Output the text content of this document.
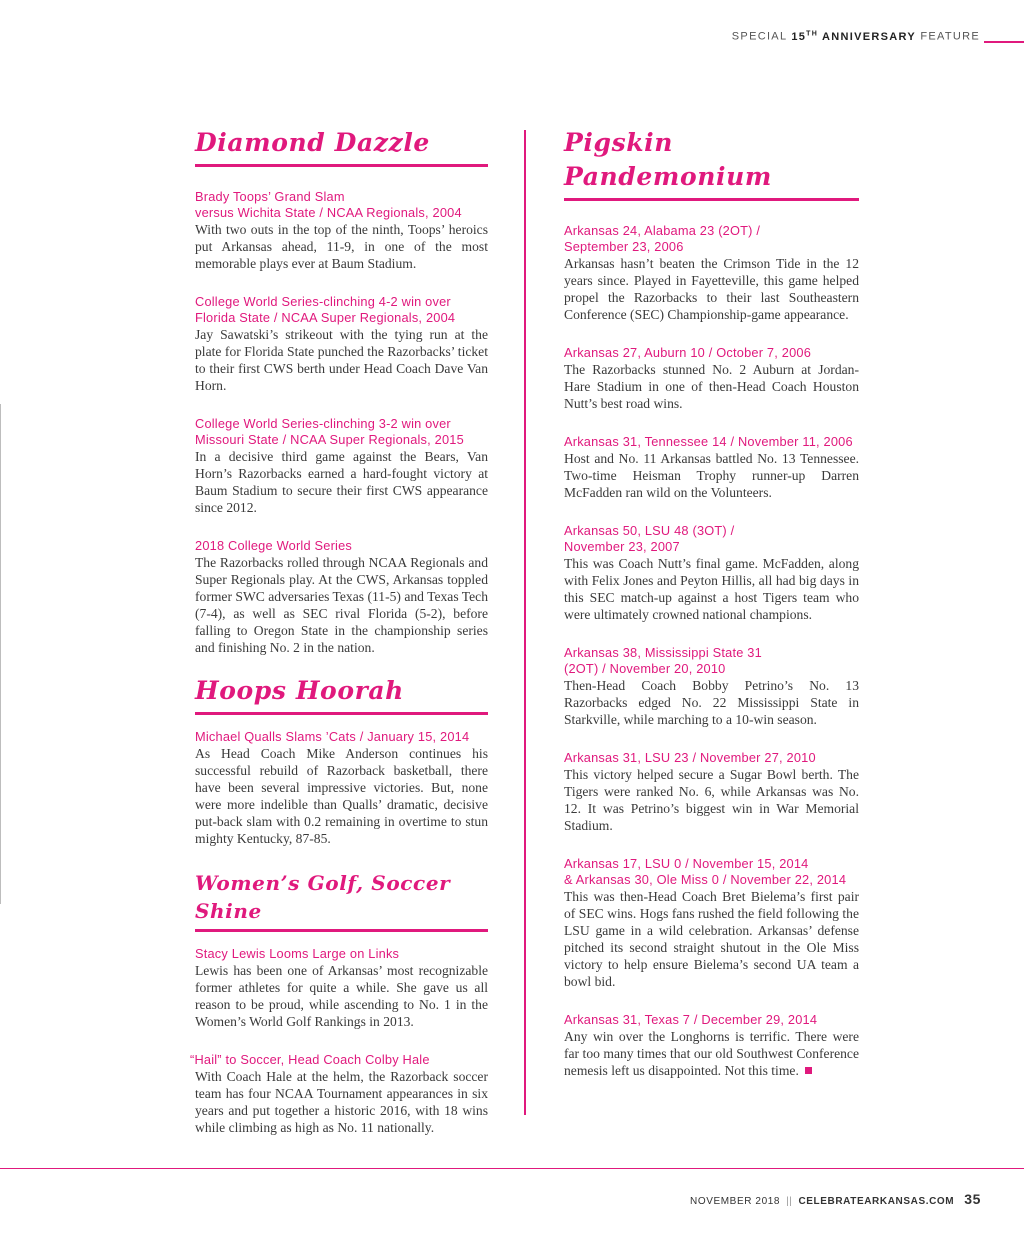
SPECIAL 15TH ANNIVERSARY FEATURE
Diamond Dazzle

Brady Toops’ Grand Slam
versus Wichita State / NCAA Regionals, 2004

With two outs in the top of the ninth, Toops’ heroics put Arkansas ahead, 11-9, in one of the most memorable plays ever at Baum Stadium.

College World Series-clinching 4-2 win over Florida State / NCAA Super Regionals, 2004

Jay Sawatski’s strikeout with the tying run at the plate for Florida State punched the Razorbacks’ ticket to their first CWS berth under Head Coach Dave Van Horn.

College World Series-clinching 3-2 win over Missouri State / NCAA Super Regionals, 2015

In a decisive third game against the Bears, Van Horn’s Razorbacks earned a hard-fought victory at Baum Stadium to secure their first CWS appearance since 2012.

2018 College World Series

The Razorbacks rolled through NCAA Regionals and Super Regionals play. At the CWS, Arkansas toppled former SWC adversaries Texas (11-5) and Texas Tech (7-4), as well as SEC rival Florida (5-2), before falling to Oregon State in the championship series and finishing No. 2 in the nation.

Hoops Hoorah

Michael Qualls Slams ’Cats / January 15, 2014

As Head Coach Mike Anderson continues his successful rebuild of Razorback basketball, there have been several impressive victories. But, none were more indelible than Qualls’ dramatic, decisive put-back slam with 0.2 remaining in overtime to stun mighty Kentucky, 87-85.

Women’s Golf, Soccer Shine

Stacy Lewis Looms Large on Links

Lewis has been one of Arkansas’ most recognizable former athletes for quite a while. She gave us all reason to be proud, while ascending to No. 1 in the Women’s World Golf Rankings in 2013.

“Hail” to Soccer, Head Coach Colby Hale

With Coach Hale at the helm, the Razorback soccer team has four NCAA Tournament appearances in six years and put together a historic 2016, with 18 wins while climbing as high as No. 11 nationally.

Pigskin Pandemonium

Arkansas 24, Alabama 23 (2OT) /
September 23, 2006

Arkansas hasn’t beaten the Crimson Tide in the 12 years since. Played in Fayetteville, this game helped propel the Razorbacks to their last Southeastern Conference (SEC) Championship-game appearance.

Arkansas 27, Auburn 10 / October 7, 2006

The Razorbacks stunned No. 2 Auburn at Jordan-Hare Stadium in one of then-Head Coach Houston Nutt’s best road wins.

Arkansas 31, Tennessee 14 / November 11, 2006

Host and No. 11 Arkansas battled No. 13 Tennessee. Two-time Heisman Trophy runner-up Darren McFadden ran wild on the Volunteers.

Arkansas 50, LSU 48 (3OT) /
November 23, 2007

This was Coach Nutt’s final game. McFadden, along with Felix Jones and Peyton Hillis, all had big days in this SEC match-up against a host Tigers team who were ultimately crowned national champions.

Arkansas 38, Mississippi State 31
(2OT) / November 20, 2010

Then-Head Coach Bobby Petrino’s No. 13 Razorbacks edged No. 22 Mississippi State in Starkville, while marching to a 10-win season.

Arkansas 31, LSU 23 / November 27, 2010

This victory helped secure a Sugar Bowl berth. The Tigers were ranked No. 6, while Arkansas was No. 12. It was Petrino’s biggest win in War Memorial Stadium.

Arkansas 17, LSU 0 / November 15, 2014
& Arkansas 30, Ole Miss 0 / November 22, 2014

This was then-Head Coach Bret Bielema’s first pair of SEC wins. Hogs fans rushed the field following the LSU game in a wild celebration. Arkansas’ defense pitched its second straight shutout in the Ole Miss victory to help ensure Bielema’s second UA team a bowl bid.

Arkansas 31, Texas 7 / December 29, 2014

Any win over the Longhorns is terrific. There were far too many times that our old Southwest Conference nemesis left us disappointed. Not this time.

NOVEMBER 2018 || CELEBRATEARKANSAS.COM 35
